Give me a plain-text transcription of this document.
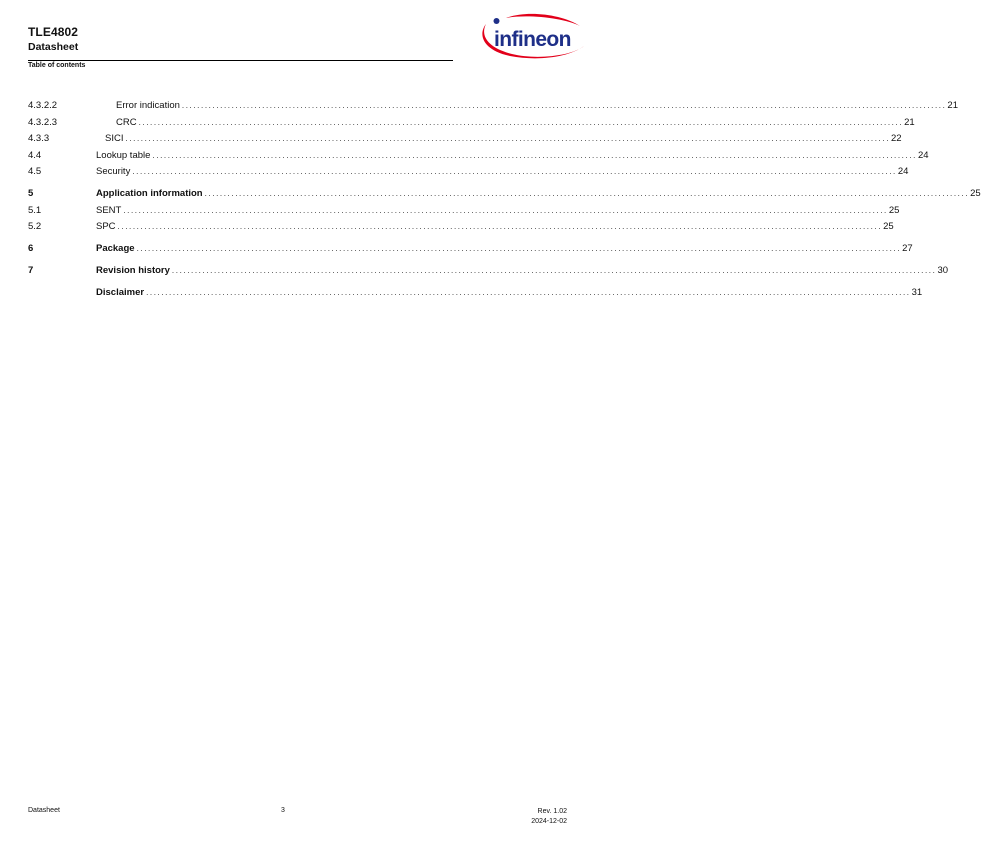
TLE4802
Datasheet
Table of contents
infineon
4.3.2.2	Error indication ........................................................................................................................................................................................................ 21
4.3.2.3	CRC ........................................................................................................................................................................................................ 21
4.3.3	SICI ........................................................................................................................................................................................................ 22
4.4	Lookup table ........................................................................................................................................................................................................ 24
4.5	Security ........................................................................................................................................................................................................ 24
5	Application information ........................................................................................................................................................................................................ 25
5.1	SENT ........................................................................................................................................................................................................ 25
5.2	SPC ........................................................................................................................................................................................................ 25
6	Package ........................................................................................................................................................................................................ 27
7	Revision history ........................................................................................................................................................................................................ 30
Disclaimer ........................................................................................................................................................................................................ 31
Datasheet	3	Rev. 1.02
2024-12-02
